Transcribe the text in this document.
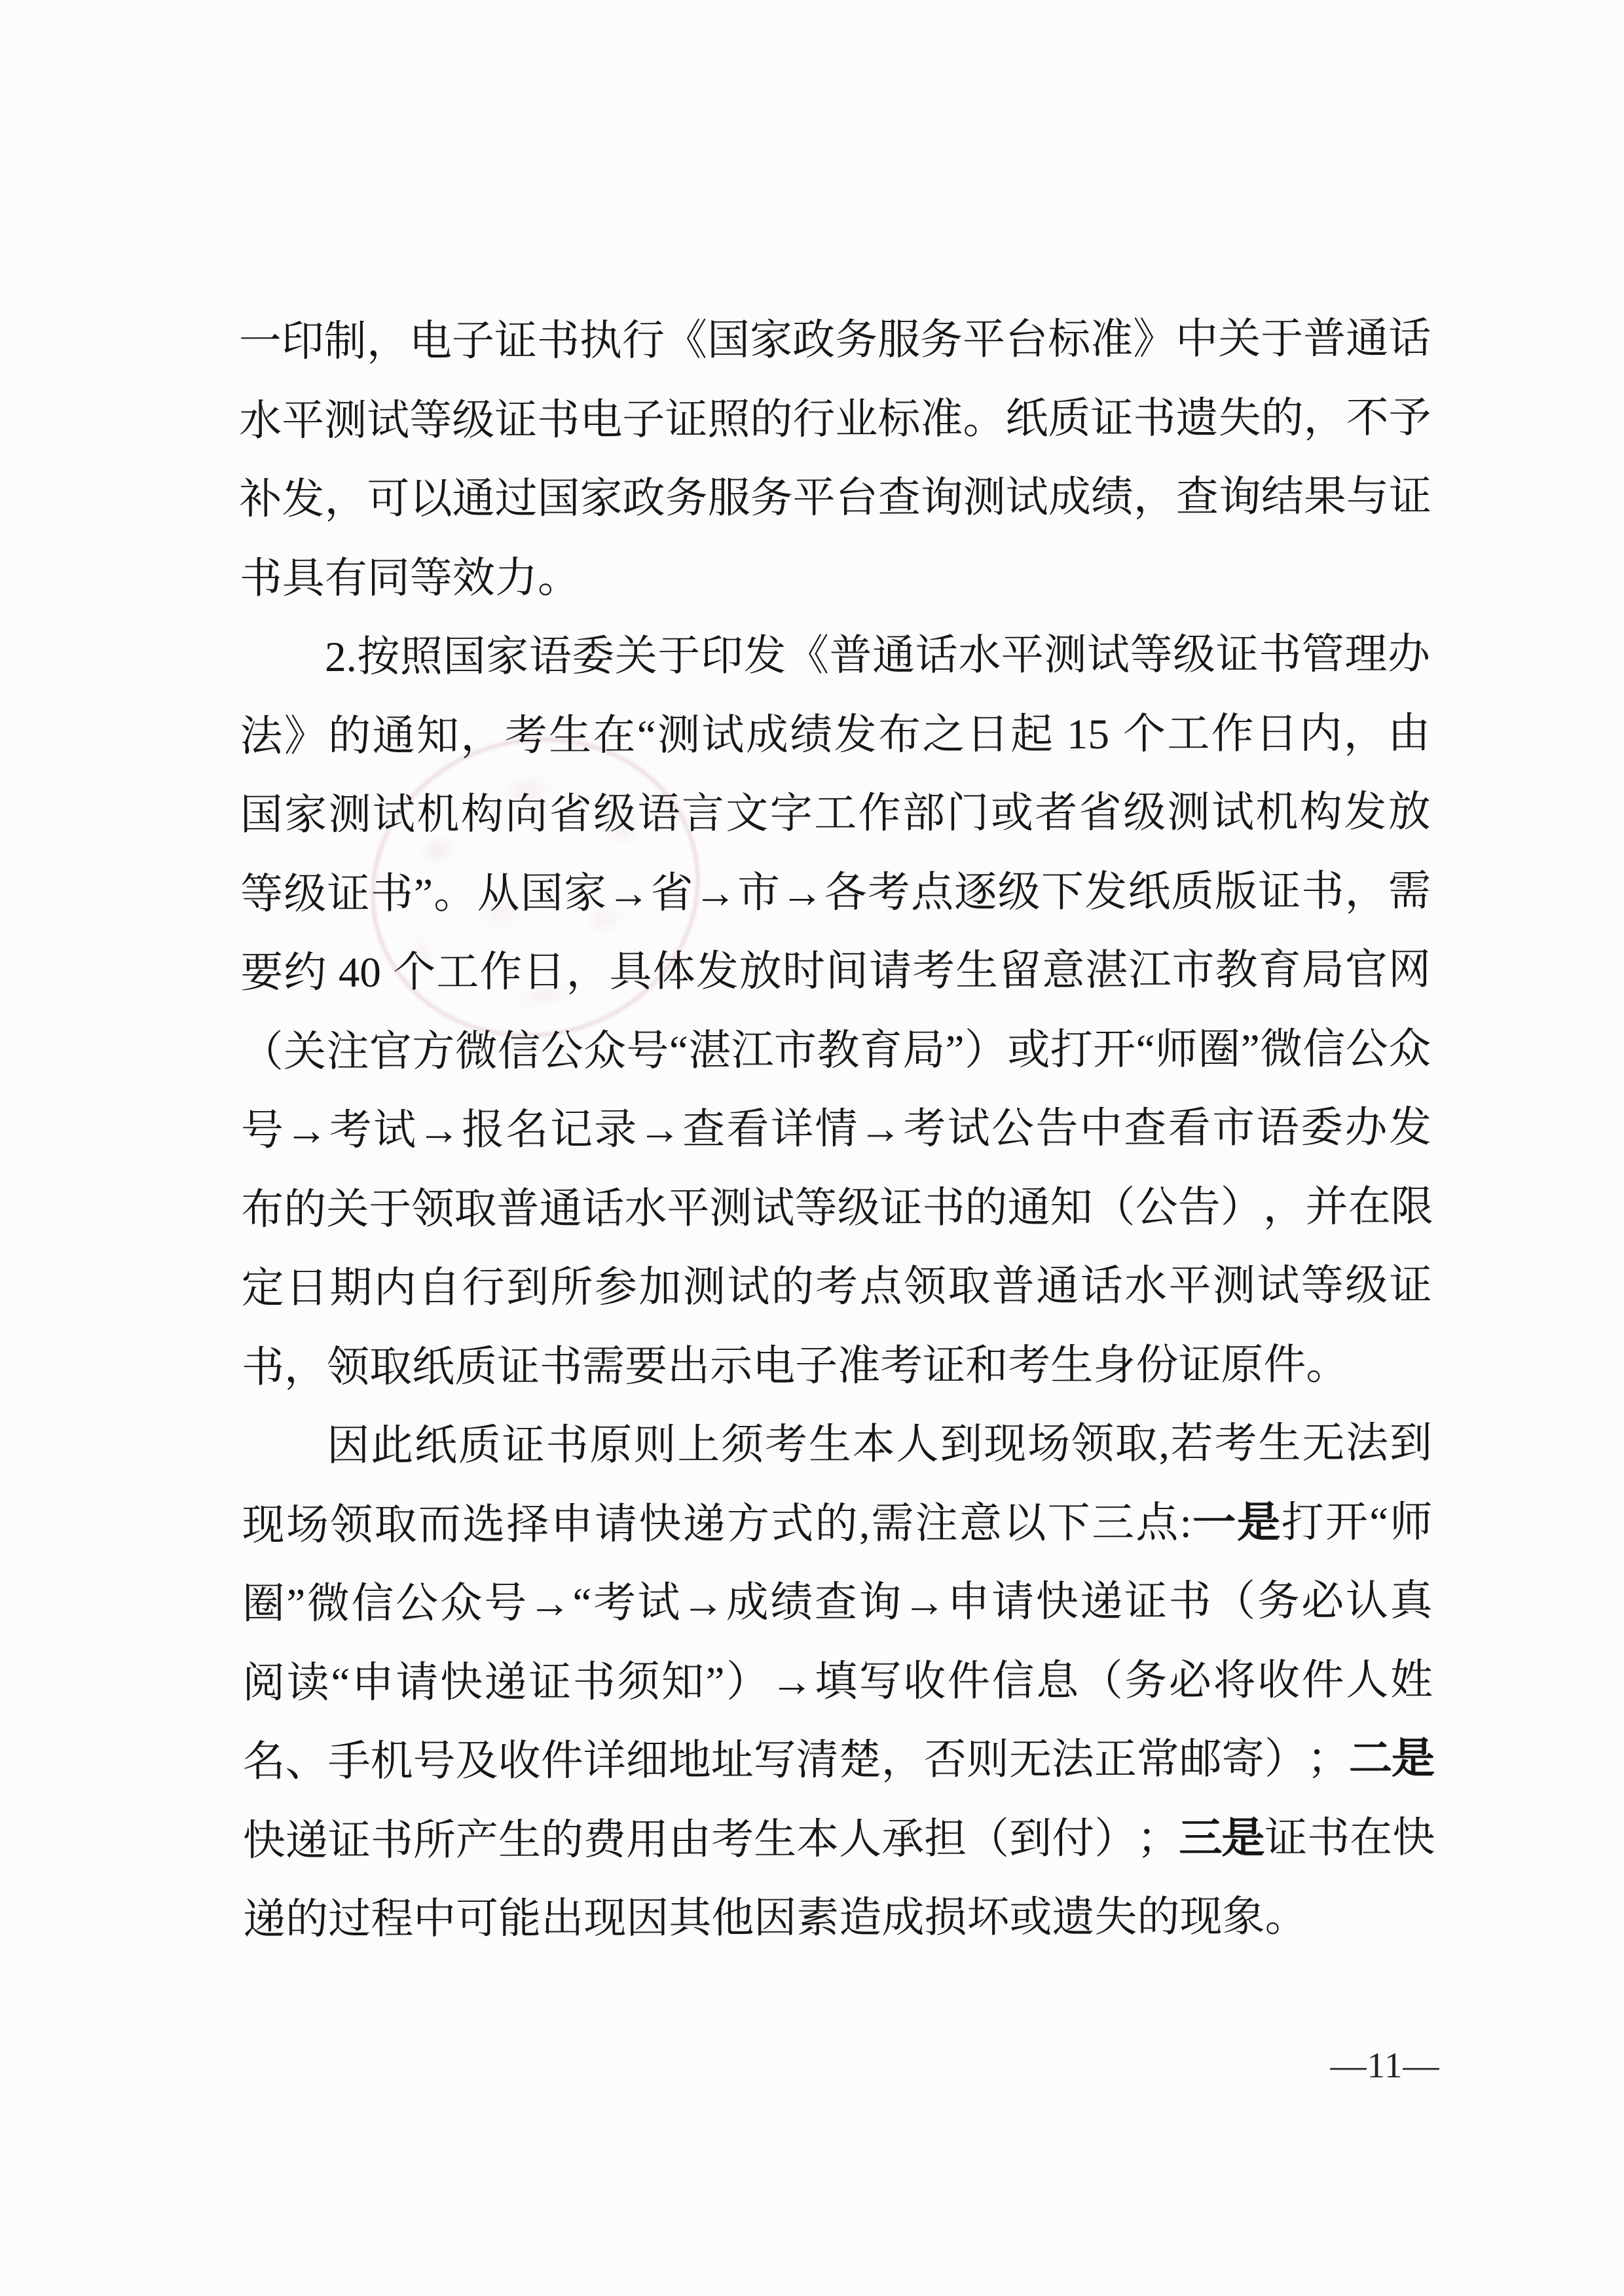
一 印 制 ， 电 子 证 书 执 行 《 国 家 政 务 服 务 平 台 标 准 》 中 关 于 普 通 话
水 平 测 试 等 级 证 书 电 子 证 照 的 行 业 标 准 。 纸 质 证 书 遗 失 的 ， 不 予
补 发 ， 可 以 通 过 国 家 政 务 服 务 平 台 查 询 测 试 成 绩 ， 查 询 结 果 与 证
书 具 有 同 等 效 力 。
2. 按 照 国 家 语 委 关 于 印 发 《 普 通 话 水 平 测 试 等 级 证 书 管 理 办
法 》 的 通 知 ， 考 生 在 “ 测 试 成 绩 发 布 之 日 起
15
个 工 作 日 内 ， 由
国 家 测 试 机 构 向 省 级 语 言 文 字 工 作 部 门 或 者 省 级 测 试 机 构 发 放
等 级 证 书 ” 。 从 国 家 → 省 → 市 → 各 考 点 逐 级 下 发 纸 质 版 证 书 ， 需
要 约
40
个 工 作 日 ， 具 体 发 放 时 间 请 考 生 留 意 湛 江 市 教 育 局 官 网
（ 关 注 官 方 微 信 公 众 号 “ 湛 江 市 教 育 局 ” ） 或 打 开 “ 师 圈 ” 微 信 公 众
号 → 考 试 → 报 名 记 录 → 查 看 详 情 → 考 试 公 告 中 查 看 市 语 委 办 发
布 的 关 于 领 取 普 通 话 水 平 测 试 等 级 证 书 的 通 知 （ 公 告 ） ， 并 在 限
定 日 期 内 自 行 到 所 参 加 测 试 的 考 点 领 取 普 通 话 水 平 测 试 等 级 证
书 ， 领 取 纸 质 证 书 需 要 出 示 电 子 准 考 证 和 考 生 身 份 证 原 件 。
因 此 纸 质 证 书 原 则 上 须 考 生 本 人 到 现 场 领 取 , 若 考 生 无 法 到
现 场 领 取 而 选 择 申 请 快 递 方 式 的 , 需 注 意 以 下 三 点 : 一 是 打 开 “ 师
圈 ” 微 信 公 众 号 → “ 考 试 → 成 绩 查 询 → 申 请 快 递 证 书 （ 务 必 认 真
阅 读 “ 申 请 快 递 证 书 须 知 ” ） → 填 写 收 件 信 息 （ 务 必 将 收 件 人 姓
名 、 手 机 号 及 收 件 详 细 地 址 写 清 楚 ， 否 则 无 法 正 常 邮 寄 ） ； 二
是
快 递 证 书 所 产 生 的 费 用 由 考 生 本 人 承 担 （ 到 付 ） ； 三
是 证 书 在 快
递 的 过 程 中 可 能 出 现 因 其 他 因 素 造 成 损 坏 或 遗 失 的 现 象 。
—11—
